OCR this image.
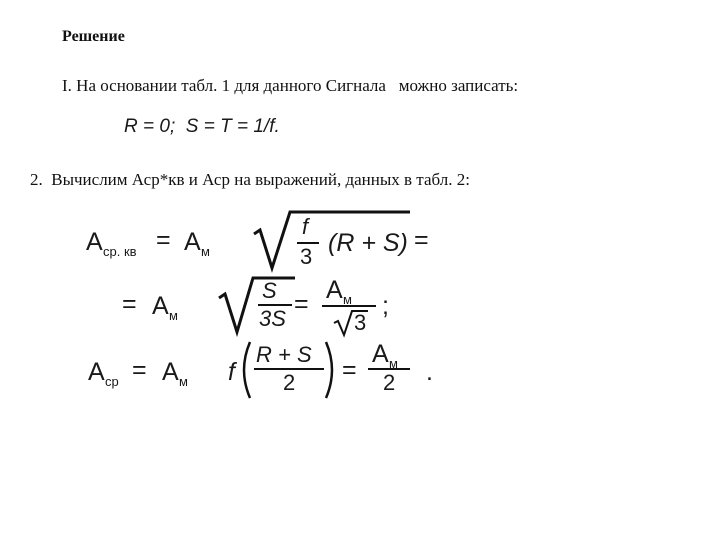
Решение
I. На основании табл. 1 для данного Сигнала   можно записать:
R = 0;  S = T = 1/f.
2.  Вычислим Аср*кв и Аср на выражений, данных в табл. 2:
A ср. кв = A м
f
3 (R + S) =
= A м
S
3S
= A м
3
;
A ср = A м f
R + S
2 =
A м
2 .
